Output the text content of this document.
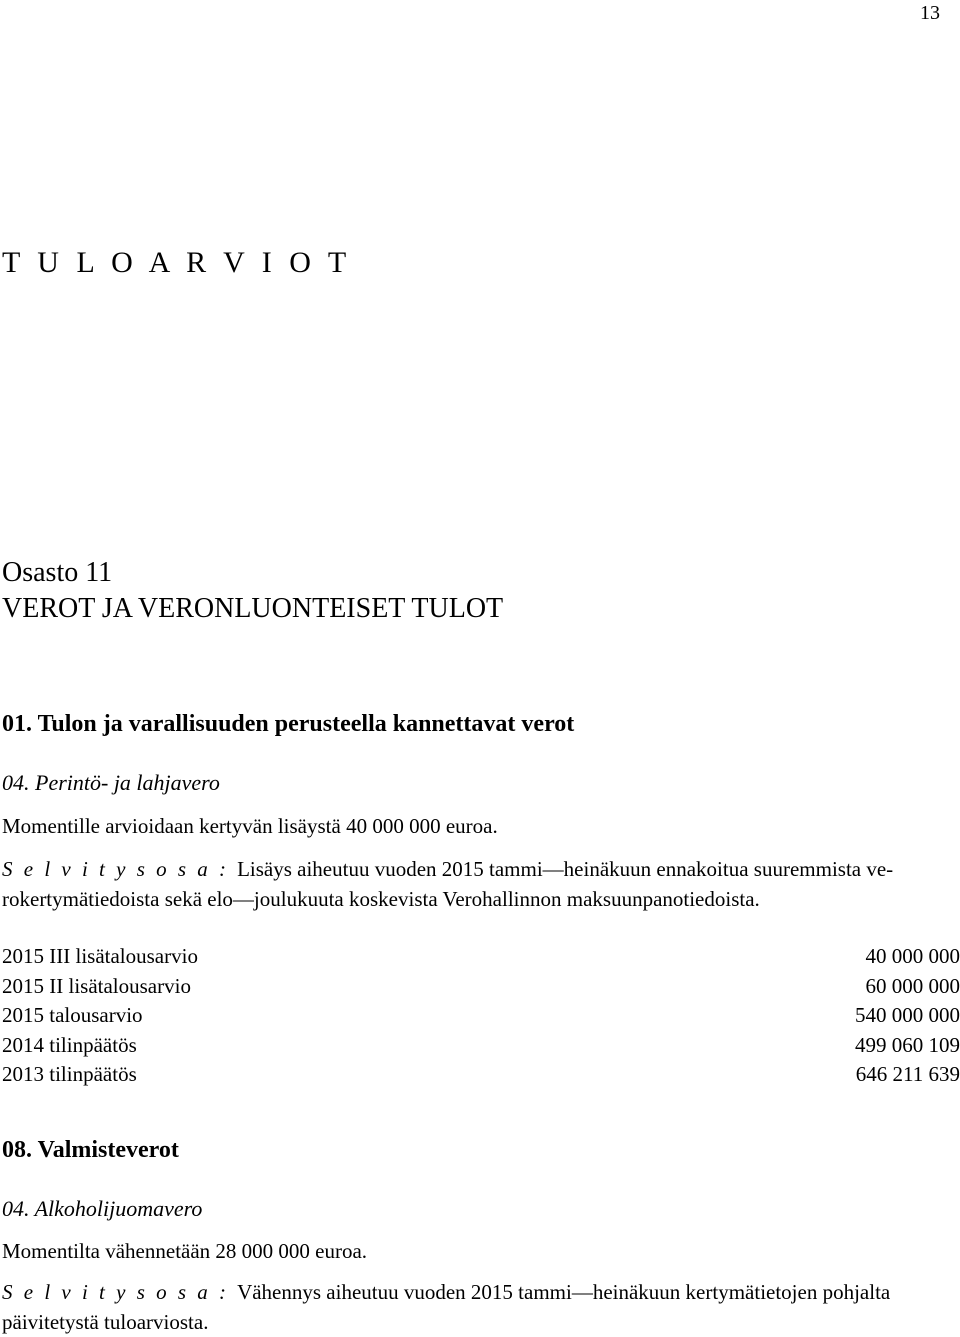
13
T U L O A R V I O T
Osasto 11
VEROT JA VERONLUONTEISET TULOT
01. Tulon ja varallisuuden perusteella kannettavat verot
04. Perintö- ja lahjavero
Momentille arvioidaan kertyvän lisäystä 40 000 000 euroa.
S e l v i t y s o s a : Lisäys aiheutuu vuoden 2015 tammi—heinäkuun ennakoitua suuremmista ve-
rokertymätiedoista sekä elo—joulukuuta koskevista Verohallinnon maksuunpanotiedoista.
2015 III lisätalousarvio	40 000 000
2015 II lisätalousarvio	60 000 000
2015 talousarvio	540 000 000
2014 tilinpäätös	499 060 109
2013 tilinpäätös	646 211 639
08. Valmisteverot
04. Alkoholijuomavero
Momentilta vähennetään 28 000 000 euroa.
S e l v i t y s o s a : Vähennys aiheutuu vuoden 2015 tammi—heinäkuun kertymätietojen pohjalta
päivitetystä tuloarviosta.
